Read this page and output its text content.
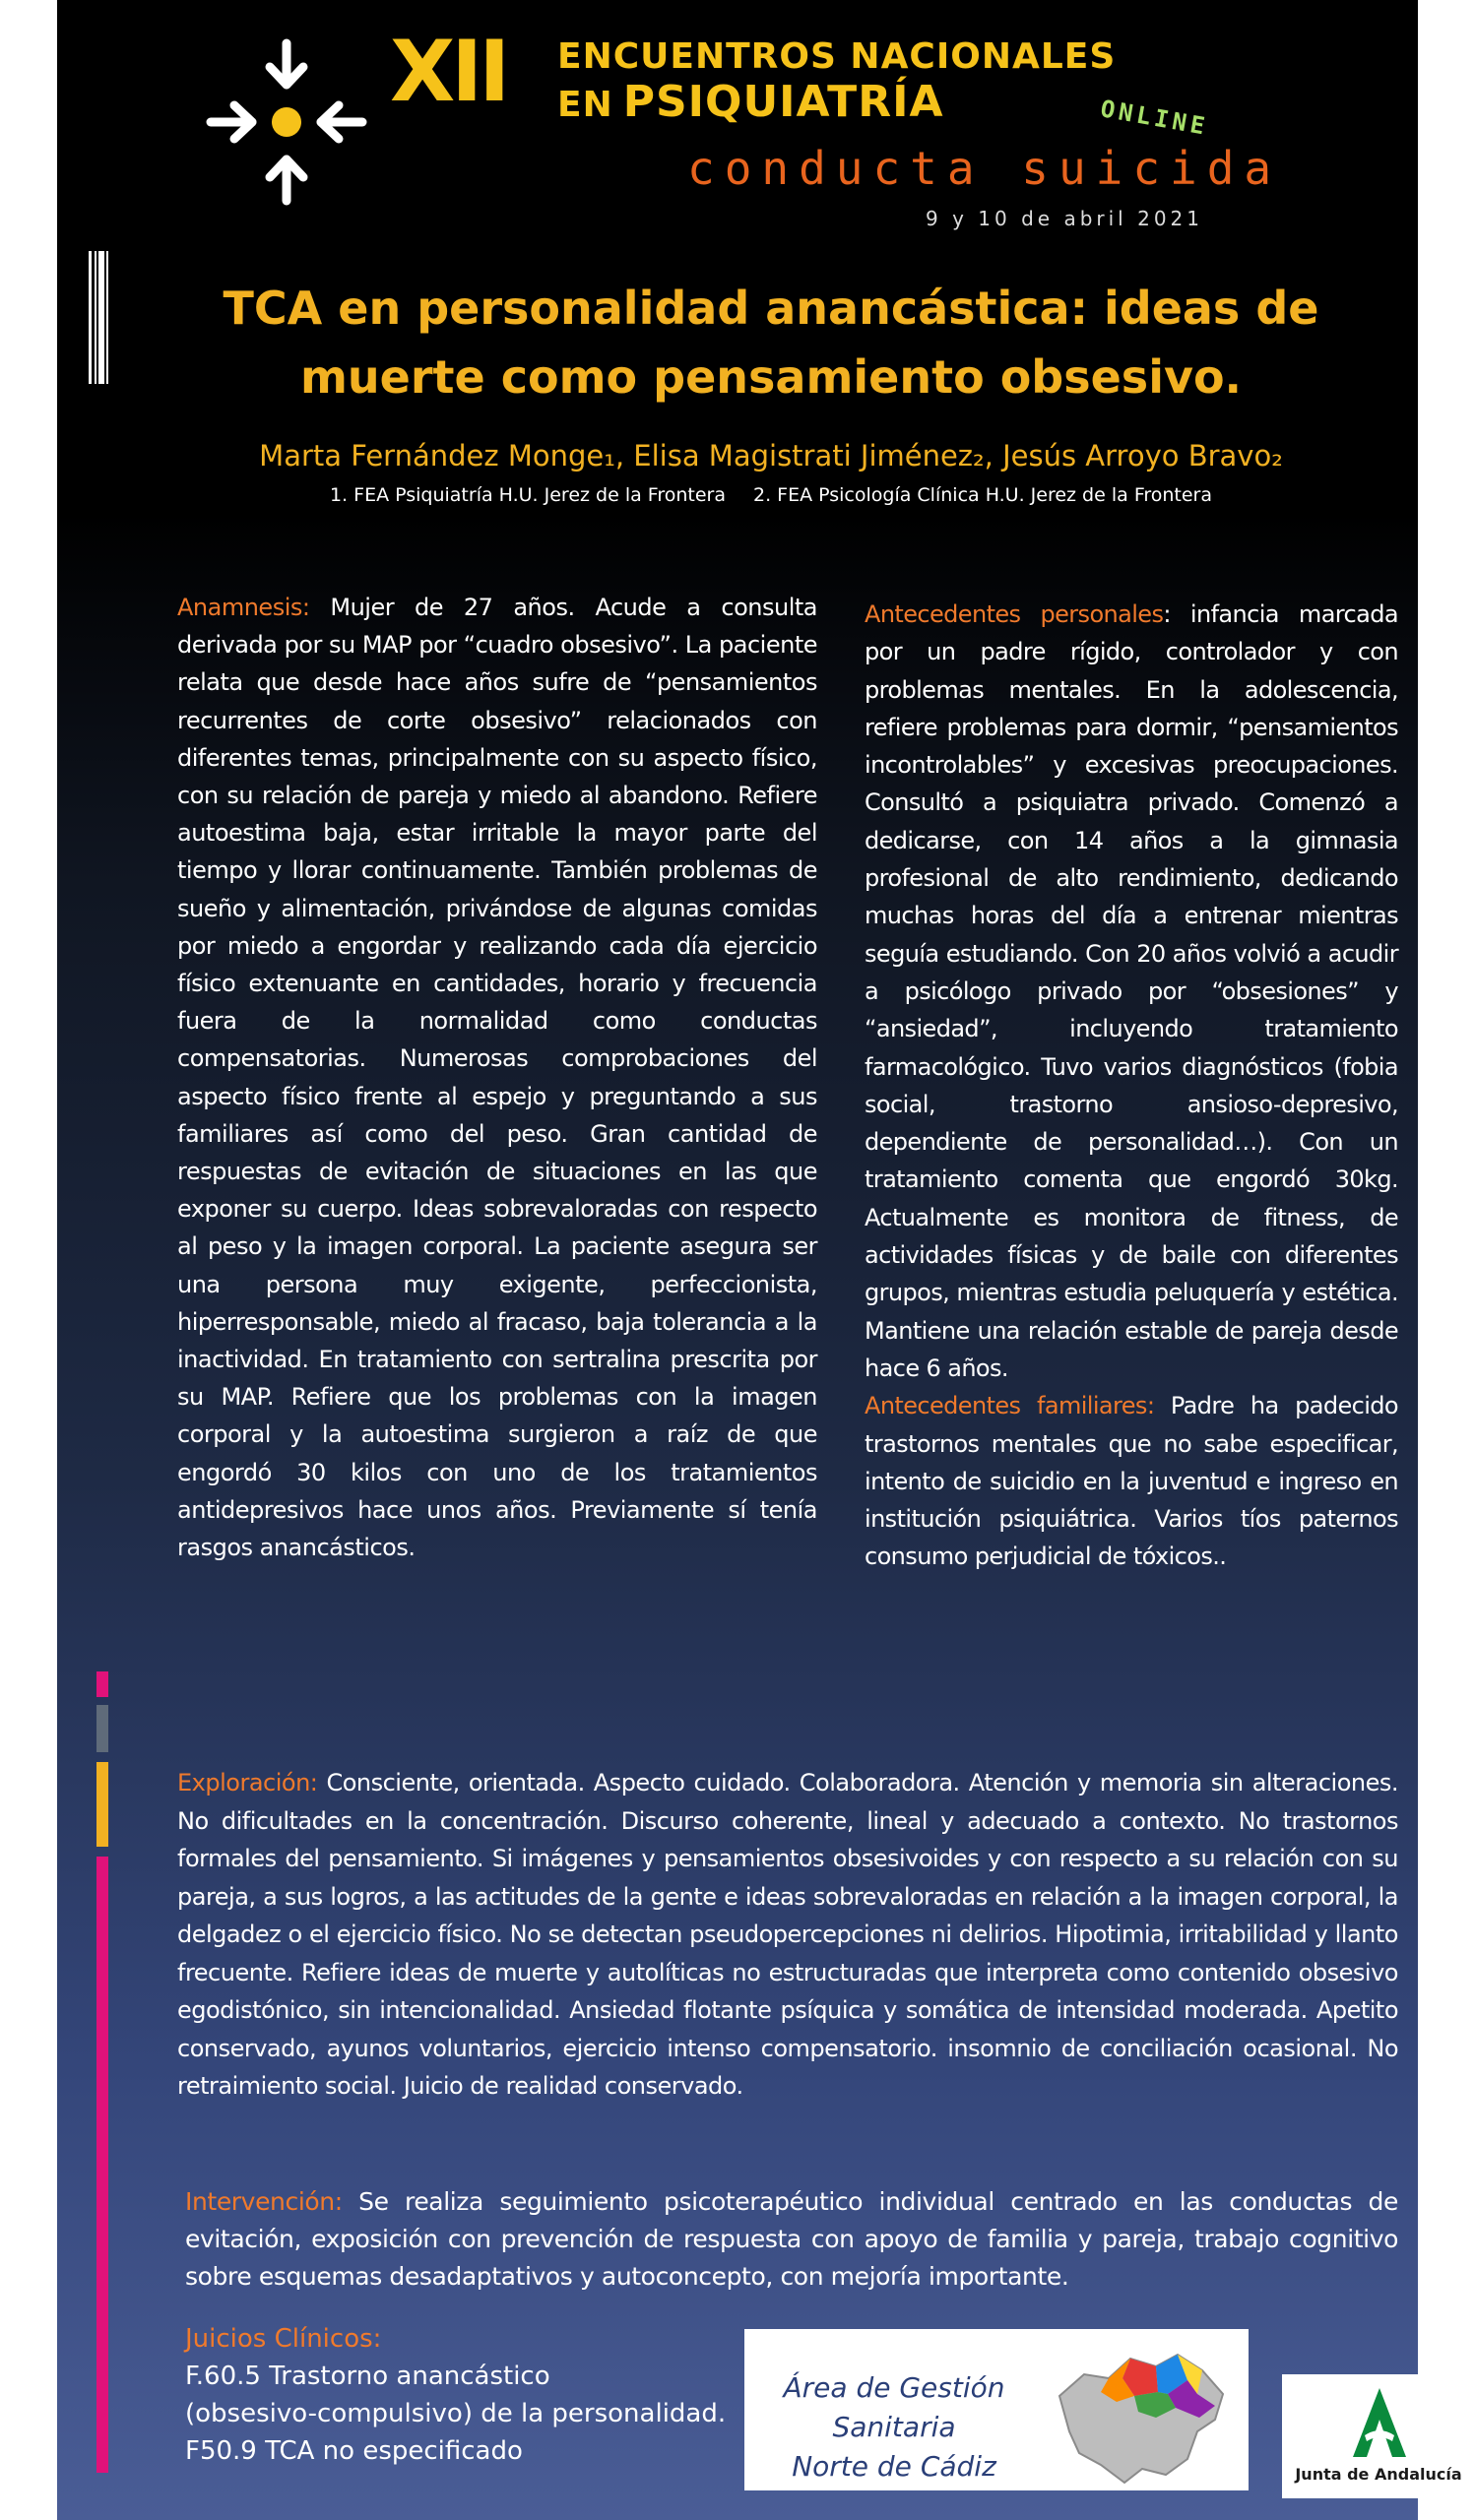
XII ENCUENTROS NACIONALES
EN PSIQUIATRÍA	ONLINE
conducta suicida
9 y 10 de abril 2021
TCA en personalidad anancástica: ideas de muerte como pensamiento obsesivo.
Marta Fernández Monge₁, Elisa Magistrati Jiménez₂, Jesús Arroyo Bravo₂
1. FEA Psiquiatría H.U. Jerez de la Frontera 2. FEA Psicología Clínica H.U. Jerez de la Frontera
Anamnesis: Mujer de 27 años. Acude a consulta derivada por su MAP por “cuadro obsesivo”. La paciente relata que desde hace años sufre de “pensamientos recurrentes de corte obsesivo” relacionados con diferentes temas, principalmente con su aspecto físico, con su relación de pareja y miedo al abandono. Refiere autoestima baja, estar irritable la mayor parte del tiempo y llorar continuamente. También problemas de sueño y alimentación, privándose de algunas comidas por miedo a engordar y realizando cada día ejercicio físico extenuante en cantidades, horario y frecuencia fuera de la normalidad como conductas compensatorias. Numerosas comprobaciones del aspecto físico frente al espejo y preguntando a sus familiares así como del peso. Gran cantidad de respuestas de evitación de situaciones en las que exponer su cuerpo. Ideas sobrevaloradas con respecto al peso y la imagen corporal. La paciente asegura ser una persona muy exigente, perfeccionista, hiperresponsable, miedo al fracaso, baja tolerancia a la inactividad. En tratamiento con sertralina prescrita por su MAP. Refiere que los problemas con la imagen corporal y la autoestima surgieron a raíz de que engordó 30 kilos con uno de los tratamientos antidepresivos hace unos años. Previamente sí tenía rasgos anancásticos.

Antecedentes personales: infancia marcada por un padre rígido, controlador y con problemas mentales. En la adolescencia, refiere problemas para dormir, “pensamientos incontrolables” y excesivas preocupaciones. Consultó a psiquiatra privado. Comenzó a dedicarse, con 14 años a la gimnasia profesional de alto rendimiento, dedicando muchas horas del día a entrenar mientras seguía estudiando. Con 20 años volvió a acudir a psicólogo privado por “obsesiones” y “ansiedad”, incluyendo tratamiento farmacológico. Tuvo varios diagnósticos (fobia social, trastorno ansioso-depresivo, dependiente de personalidad…). Con un tratamiento comenta que engordó 30kg. Actualmente es monitora de fitness, de actividades físicas y de baile con diferentes grupos, mientras estudia peluquería y estética. Mantiene una relación estable de pareja desde hace 6 años.

Antecedentes familiares: Padre ha padecido trastornos mentales que no sabe especificar, intento de suicidio en la juventud e ingreso en institución psiquiátrica. Varios tíos paternos consumo perjudicial de tóxicos..

Exploración: Consciente, orientada. Aspecto cuidado. Colaboradora. Atención y memoria sin alteraciones. No dificultades en la concentración. Discurso coherente, lineal y adecuado a contexto. No trastornos formales del pensamiento. Si imágenes y pensamientos obsesivoides y con respecto a su relación con su pareja, a sus logros, a las actitudes de la gente e ideas sobrevaloradas en relación a la imagen corporal, la delgadez o el ejercicio físico. No se detectan pseudopercepciones ni delirios. Hipotimia, irritabilidad y llanto frecuente. Refiere ideas de muerte y autolíticas no estructuradas que interpreta como contenido obsesivo egodistónico, sin intencionalidad. Ansiedad flotante psíquica y somática de intensidad moderada. Apetito conservado, ayunos voluntarios, ejercicio intenso compensatorio. insomnio de conciliación ocasional. No retraimiento social. Juicio de realidad conservado.
Intervención: Se realiza seguimiento psicoterapéutico individual centrado en las conductas de evitación, exposición con prevención de respuesta con apoyo de familia y pareja, trabajo cognitivo sobre esquemas desadaptativos y autoconcepto, con mejoría importante.
Juicios Clínicos:
F.60.5 Trastorno anancástico
(obsesivo-compulsivo) de la personalidad.
F50.9 TCA no especificado
Área de Gestión Sanitaria
Norte de Cádiz	Junta de Andalucía
